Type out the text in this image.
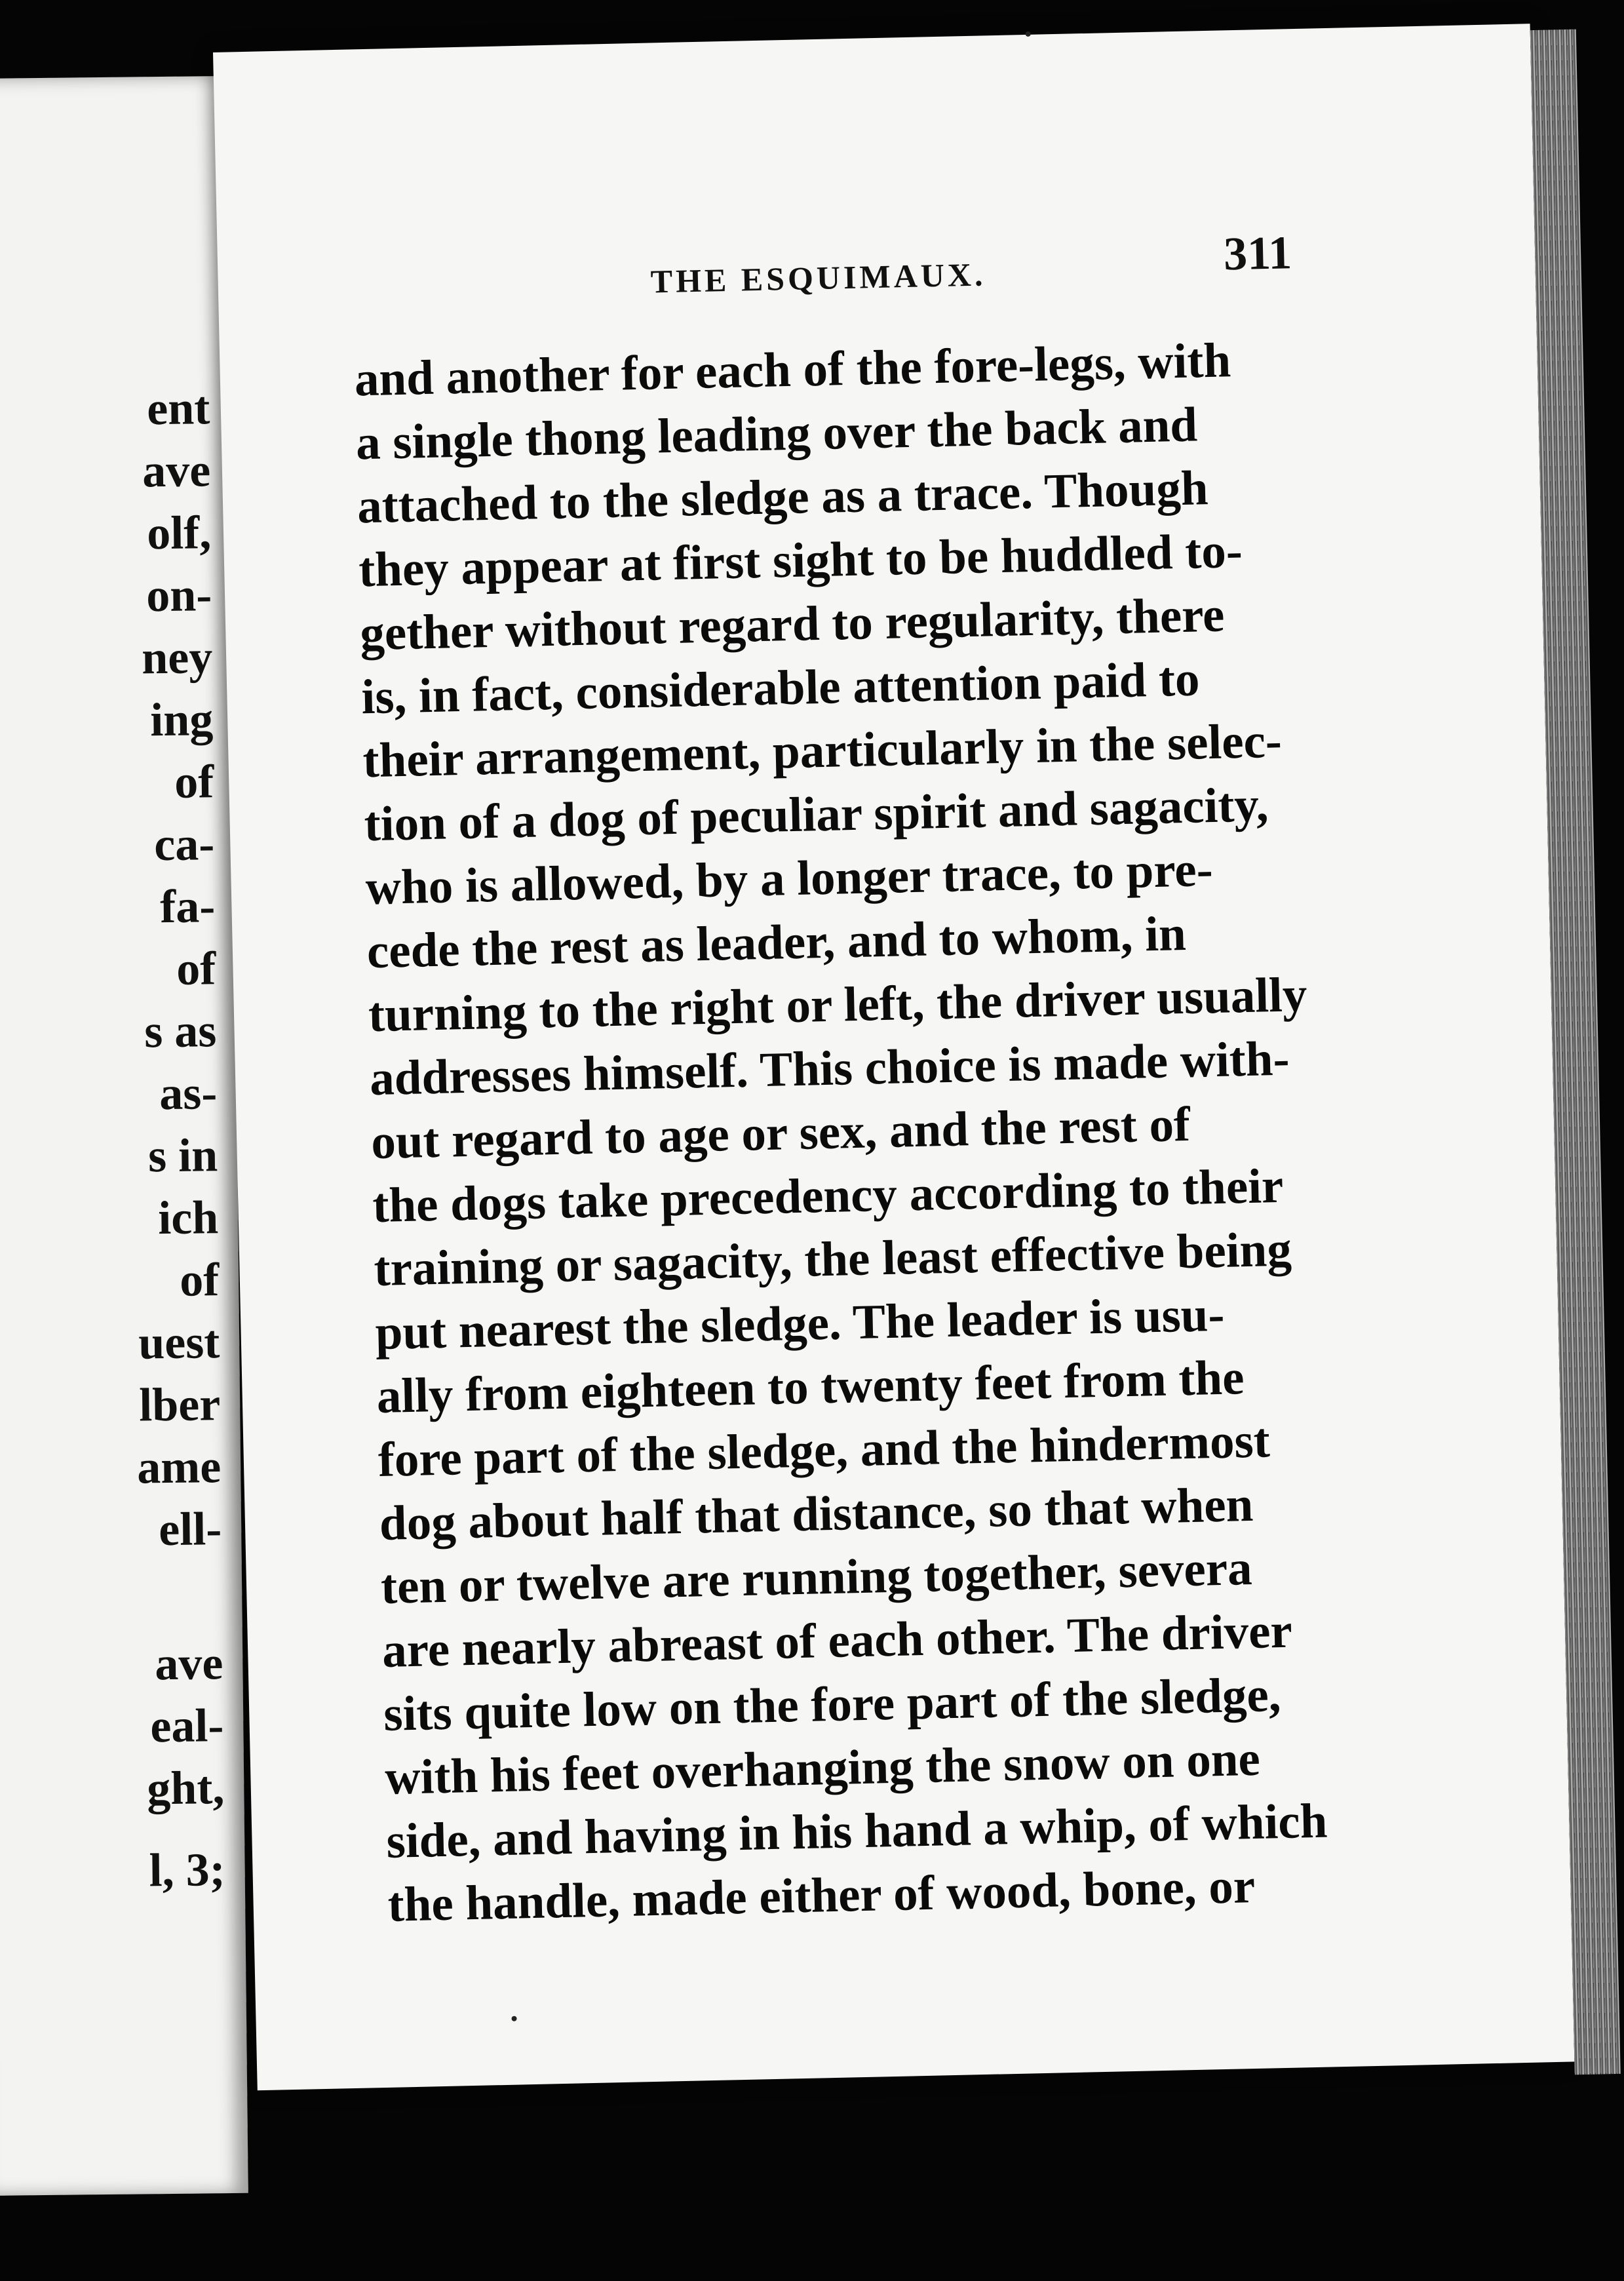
ent
ave
olf,
on-
ney
ing
of
ca-
fa-
of
s as
as-
s in
ich
of
uest
lber
ame
ell-
ave
eal-
ght,
l, 3;
THE ESQUIMAUX.	311
and another for each of the fore-legs, with
a single thong leading over the back and
attached to the sledge as a trace. Though
they appear at first sight to be huddled to-
gether without regard to regularity, there
is, in fact, considerable attention paid to
their arrangement, particularly in the selec-
tion of a dog of peculiar spirit and sagacity,
who is allowed, by a longer trace, to pre-
cede the rest as leader, and to whom, in
turning to the right or left, the driver usually
addresses himself. This choice is made with-
out regard to age or sex, and the rest of
the dogs take precedency according to their
training or sagacity, the least effective being
put nearest the sledge. The leader is usu-
ally from eighteen to twenty feet from the
fore part of the sledge, and the hindermost
dog about half that distance, so that when
ten or twelve are running together, severa
are nearly abreast of each other. The driver
sits quite low on the fore part of the sledge,
with his feet overhanging the snow on one
side, and having in his hand a whip, of which
the handle, made either of wood, bone, or
